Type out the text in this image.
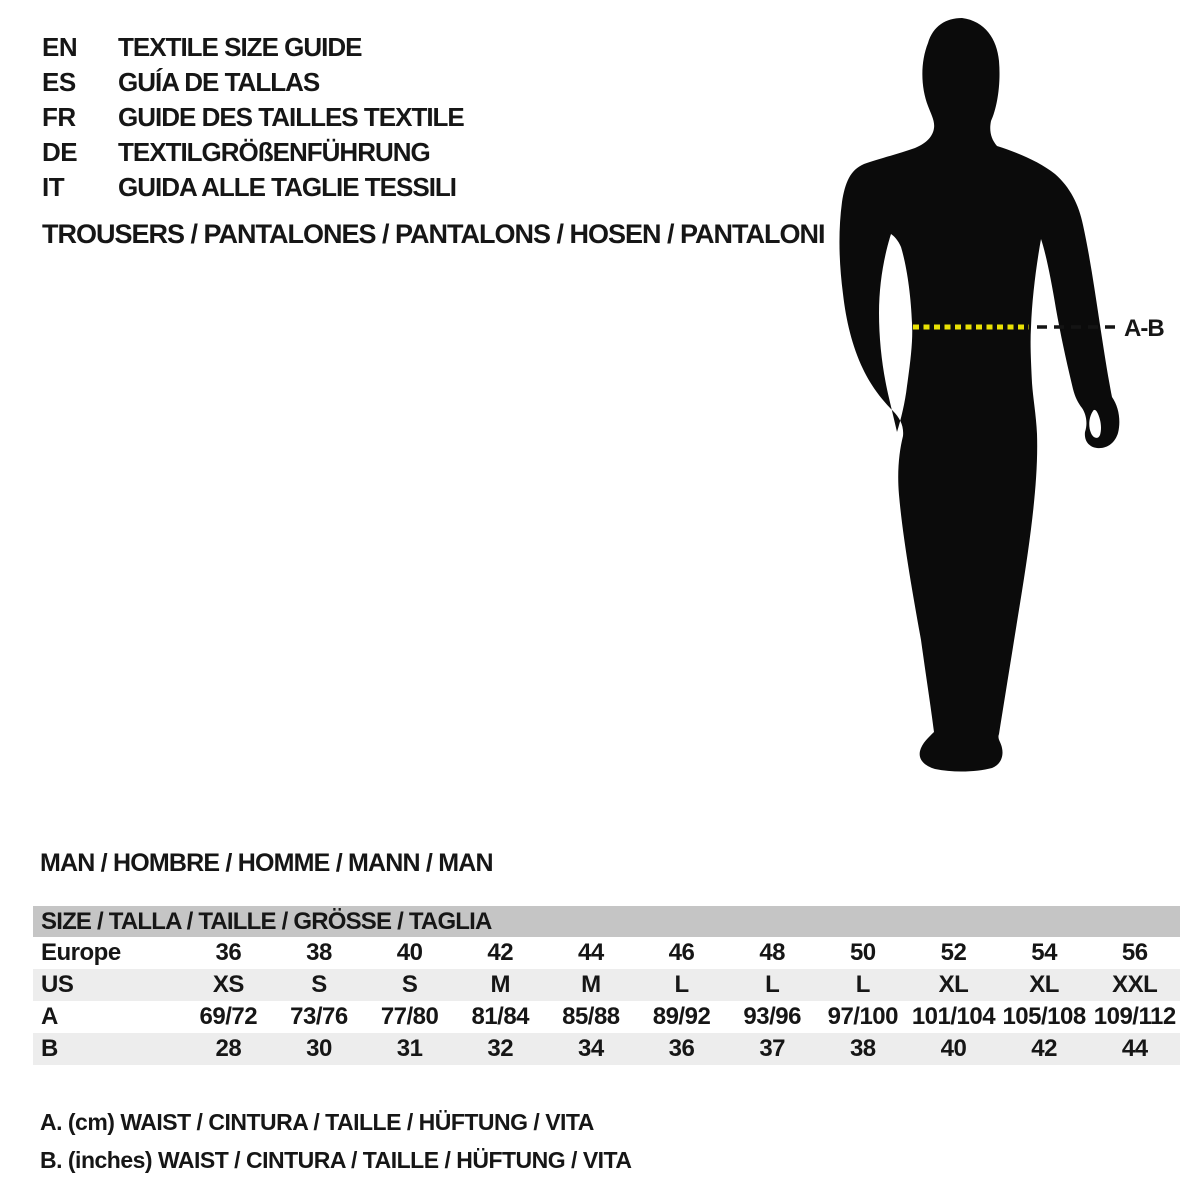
EN	TEXTILE SIZE GUIDE
ES	GUÍA DE TALLAS
FR	GUIDE DES TAILLES TEXTILE
DE	TEXTILGRÖßENFÜHRUNG
IT	GUIDA ALLE TAGLIE TESSILI
TROUSERS / PANTALONES / PANTALONS / HOSEN / PANTALONI
A-B
MAN / HOMBRE / HOMME / MANN / MAN
SIZE / TALLA / TAILLE / GRÖSSE / TAGLIA
Europe	36	38	40	42	44	46	48	50	52	54	56
US	XS	S	S	M	M	L	L	L	XL	XL	XXL
A	69/72	73/76	77/80	81/84	85/88	89/92	93/96	97/100 101/104 105/108 109/112
B	28	30	31	32	34	36	37	38	40	42	44

A. (cm) WAIST / CINTURA / TAILLE / HÜFTUNG / VITA

B. (inches) WAIST / CINTURA / TAILLE / HÜFTUNG / VITA
